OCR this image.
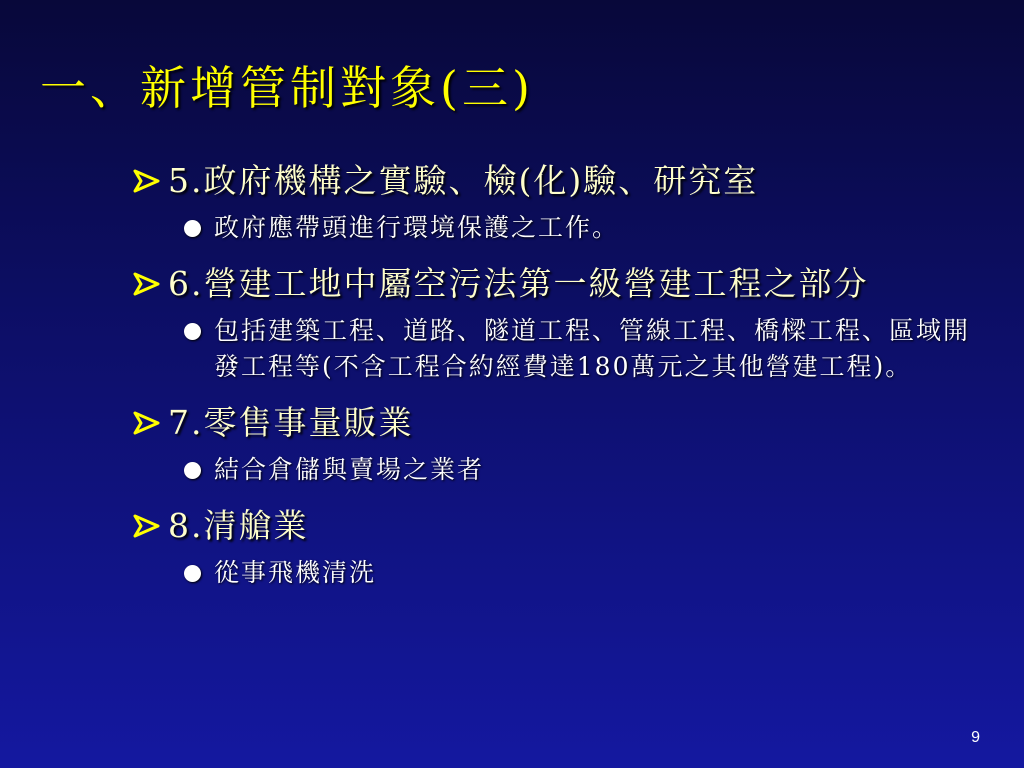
一、新增管制對象(三)
5.政府機構之實驗、檢(化)驗、研究室
政府應帶頭進行環境保護之工作。
6.營建工地中屬空污法第一級營建工程之部分
包括建築工程、道路、隧道工程、管線工程、橋樑工程、區域開發工程等(不含工程合約經費達180萬元之其他營建工程)。
7.零售事量販業
結合倉儲與賣場之業者
8.清艙業
從事飛機清洗
9
